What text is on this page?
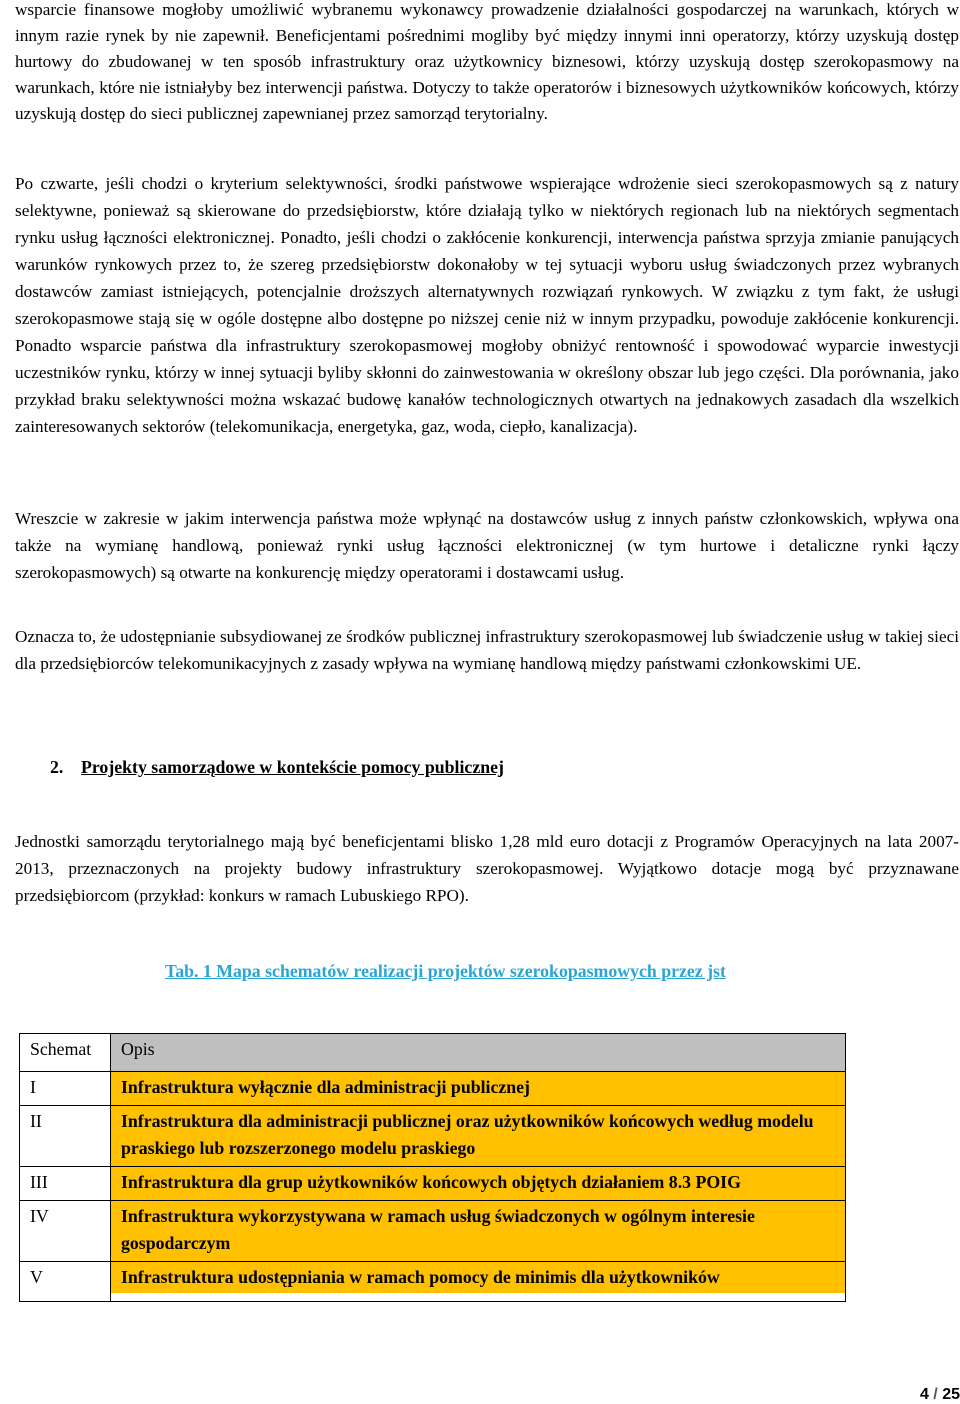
wsparcie finansowe mogłoby umożliwić wybranemu wykonawcy prowadzenie działalności gospodarczej na warunkach, których w innym razie rynek by nie zapewnił. Beneficjentami pośrednimi mogliby być między innymi inni operatorzy, którzy uzyskują dostęp hurtowy do zbudowanej w ten sposób infrastruktury oraz użytkownicy biznesowi, którzy uzyskują dostęp szerokopasmowy na warunkach, które nie istniałyby bez interwencji państwa. Dotyczy to także operatorów i biznesowych użytkowników końcowych, którzy uzyskują dostęp do sieci publicznej zapewnianej przez samorząd terytorialny.

Po czwarte, jeśli chodzi o kryterium selektywności, środki państwowe wspierające wdrożenie sieci szerokopasmowych są z natury selektywne, ponieważ są skierowane do przedsiębiorstw, które działają tylko w niektórych regionach lub na niektórych segmentach rynku usług łączności elektronicznej. Ponadto, jeśli chodzi o zakłócenie konkurencji, interwencja państwa sprzyja zmianie panujących warunków rynkowych przez to, że szereg przedsiębiorstw dokonałoby w tej sytuacji wyboru usług świadczonych przez wybranych dostawców zamiast istniejących, potencjalnie droższych alternatywnych rozwiązań rynkowych. W związku z tym fakt, że usługi szerokopasmowe stają się w ogóle dostępne albo dostępne po niższej cenie niż w innym przypadku, powoduje zakłócenie konkurencji. Ponadto wsparcie państwa dla infrastruktury szerokopasmowej mogłoby obniżyć rentowność i spowodować wyparcie inwestycji uczestników rynku, którzy w innej sytuacji byliby skłonni do zainwestowania w określony obszar lub jego części. Dla porównania, jako przykład braku selektywności można wskazać budowę kanałów technologicznych otwartych na jednakowych zasadach dla wszelkich zainteresowanych sektorów (telekomunikacja, energetyka, gaz, woda, ciepło, kanalizacja).

Wreszcie w zakresie w jakim interwencja państwa może wpłynąć na dostawców usług z innych państw członkowskich, wpływa ona także na wymianę handlową, ponieważ rynki usług łączności elektronicznej (w tym hurtowe i detaliczne rynki łączy szerokopasmowych) są otwarte na konkurencję między operatorami i dostawcami usług.

Oznacza to, że udostępnianie subsydiowanej ze środków publicznej infrastruktury szerokopasmowej lub świadczenie usług w takiej sieci dla przedsiębiorców telekomunikacyjnych z zasady wpływa na wymianę handlową między państwami członkowskimi UE.

2. Projekty samorządowe w kontekście pomocy publicznej

Jednostki samorządu terytorialnego mają być beneficjentami blisko 1,28 mld euro dotacji z Programów Operacyjnych na lata 2007-2013, przeznaczonych na projekty budowy infrastruktury szerokopasmowej. Wyjątkowo dotacje mogą być przyznawane przedsiębiorcom (przykład: konkurs w ramach Lubuskiego RPO).

Tab. 1 Mapa schematów realizacji projektów szerokopasmowych przez jst
Schemat	Opis
I	Infrastruktura wyłącznie dla administracji publicznej
II	Infrastruktura dla administracji publicznej oraz użytkowników końcowych według modelu praskiego lub rozszerzonego modelu praskiego
III	Infrastruktura dla grup użytkowników końcowych objętych działaniem 8.3 POIG
IV	Infrastruktura wykorzystywana w ramach usług świadczonych w ogólnym interesie gospodarczym
V	Infrastruktura udostępniania w ramach pomocy de minimis dla użytkowników
4 / 25
